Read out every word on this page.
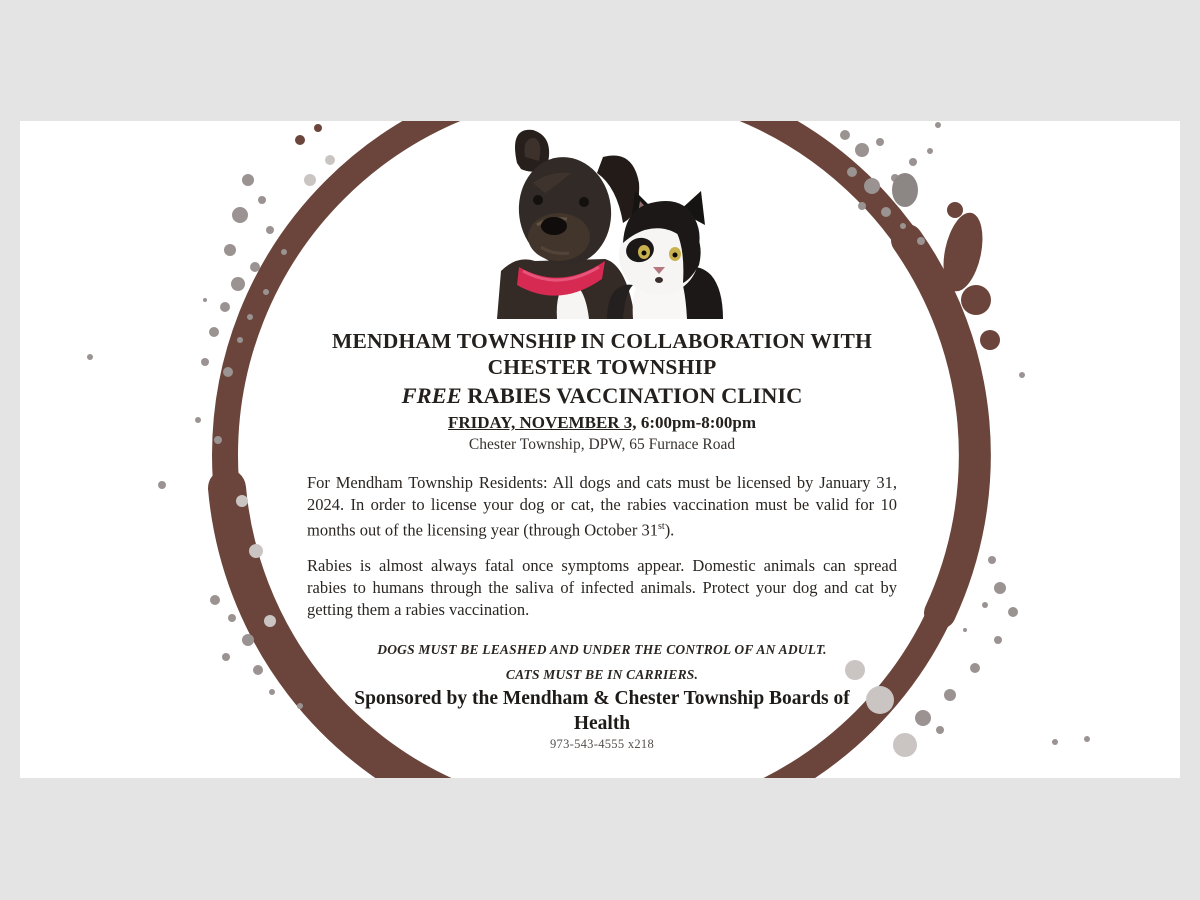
MENDHAM TOWNSHIP IN COLLABORATION WITH
CHESTER TOWNSHIP
FREE RABIES VACCINATION CLINIC
FRIDAY, NOVEMBER 3, 6:00pm-8:00pm
Chester Township, DPW, 65 Furnace Road
For Mendham Township Residents: All dogs and cats must be licensed by January 31, 2024. In order to license your dog or cat, the rabies vaccination must be valid for 10 months out of the licensing year (through October 31st).
Rabies is almost always fatal once symptoms appear. Domestic animals can spread rabies to humans through the saliva of infected animals. Protect your dog and cat by getting them a rabies vaccination.
DOGS MUST BE LEASHED AND UNDER THE CONTROL OF AN ADULT.
CATS MUST BE IN CARRIERS.
Sponsored by the Mendham & Chester Township Boards of
Health
973-543-4555 x218
